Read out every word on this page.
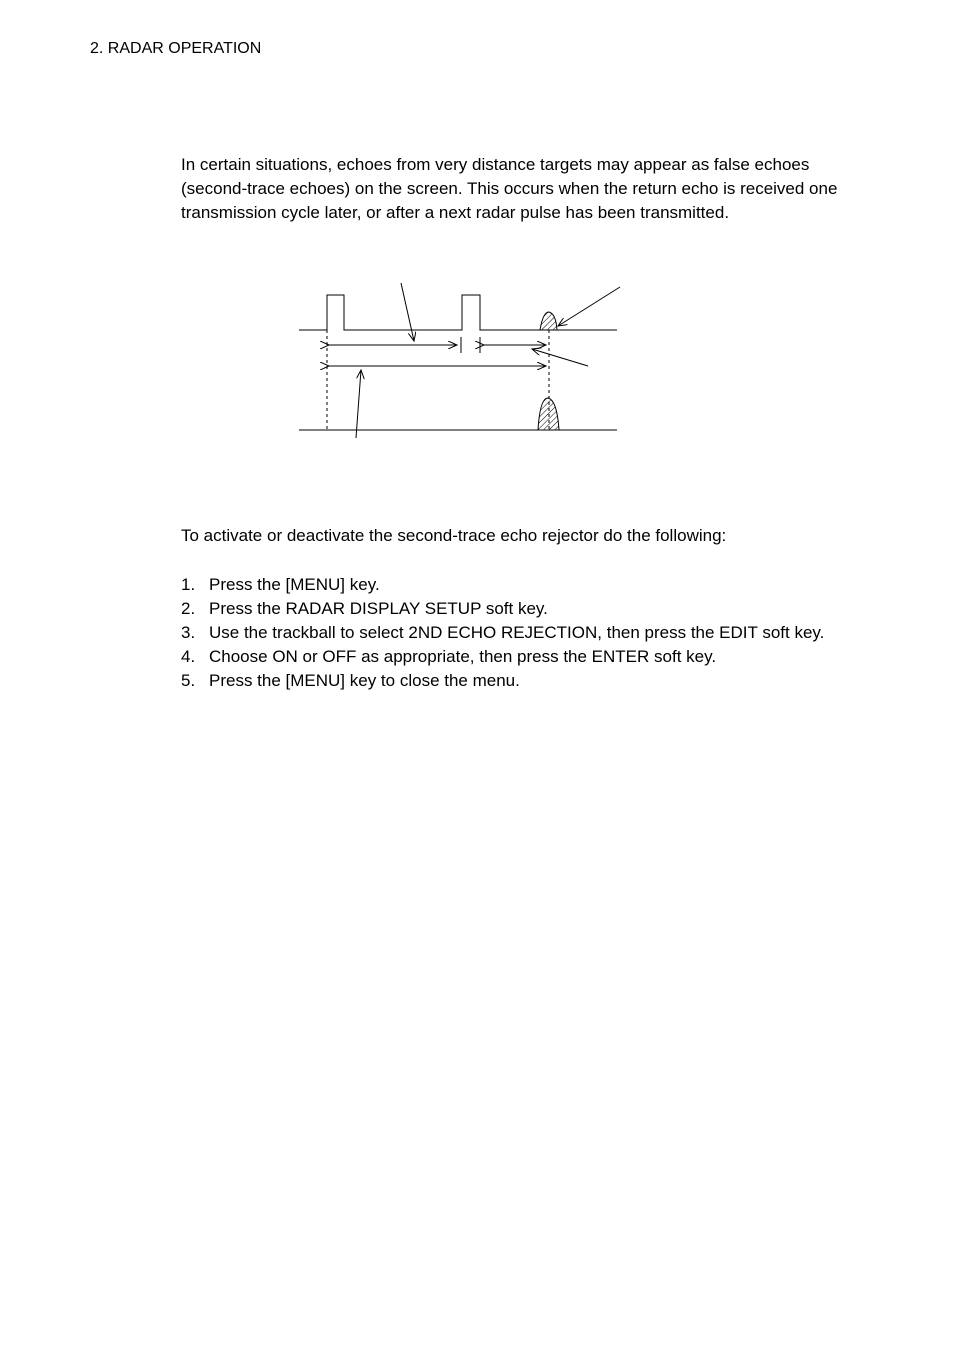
2. RADAR OPERATION

In certain situations, echoes from very distance targets may appear as false echoes (second-trace echoes) on the screen. This occurs when the return echo is received one transmission cycle later, or after a next radar pulse has been transmitted.

To activate or deactivate the second-trace echo rejector do the following:

1. Press the [MENU] key.
2. Press the RADAR DISPLAY SETUP soft key.
3. Use the trackball to select 2ND ECHO REJECTION, then press the EDIT soft key.
4. Choose ON or OFF as appropriate, then press the ENTER soft key.
5. Press the [MENU] key to close the menu.
